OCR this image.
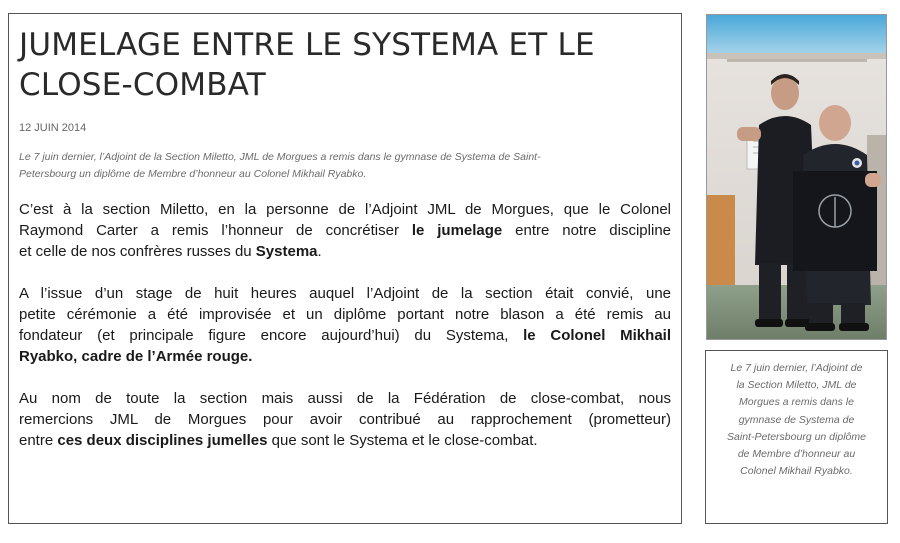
JUMELAGE ENTRE LE SYSTEMA ET LE
CLOSE-COMBAT
12 JUIN 2014
Le 7 juin dernier, l’Adjoint de la Section Miletto, JML de Morgues a remis dans le gymnase de Systema de Saint-
Petersbourg un diplôme de Membre d’honneur au Colonel Mikhail Ryabko.

C’est à la section Miletto, en la personne de l’Adjoint JML de Morgues, que le Colonel
Raymond Carter a remis l’honneur de concrétiser le jumelage entre notre discipline
et celle de nos confrères russes du Systema.

A l’issue d’un stage de huit heures auquel l’Adjoint de la section était convié, une
petite cérémonie a été improvisée et un diplôme portant notre blason a été remis au
fondateur (et principale figure encore aujourd’hui) du Systema, le Colonel Mikhail
Ryabko, cadre de l’Armée rouge.

Au nom de toute la section mais aussi de la Fédération de close-combat, nous
remercions JML de Morgues pour avoir contribué au rapprochement (prometteur)
entre ces deux disciplines jumelles que sont le Systema et le close-combat.

Le 7 juin dernier, l’Adjoint de
la Section Miletto, JML de
Morgues a remis dans le
gymnase de Systema de
Saint-Petersbourg un diplôme
de Membre d’honneur au
Colonel Mikhail Ryabko.
